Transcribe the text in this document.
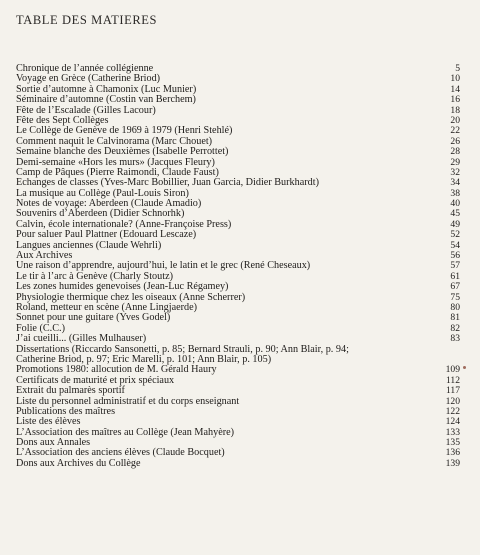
TABLE DES MATIERES
Chronique de l’année collégienne	5
Voyage en Grèce (Catherine Briod)	10
Sortie d’automne à Chamonix (Luc Munier)	14
Séminaire d’automne (Costin van Berchem)	16
Fête de l’Escalade (Gilles Lacour)	18
Fête des Sept Collèges	20
Le Collège de Genève de 1969 à 1979 (Henri Stehlé)	22
Comment naquit le Calvinorama (Marc Chouet)	26
Semaine blanche des Deuxièmes (Isabelle Perrottet)	28
Demi-semaine «Hors les murs» (Jacques Fleury)	29
Camp de Pâques (Pierre Raimondi, Claude Faust)	32
Echanges de classes (Yves-Marc Bobillier, Juan Garcia, Didier Burkhardt)	34
La musique au Collège (Paul-Louis Siron)	38
Notes de voyage: Aberdeen (Claude Amadio)	40
Souvenirs d’Aberdeen (Didier Schnorhk)	45
Calvin, école internationale? (Anne-Françoise Press)	49
Pour saluer Paul Plattner (Edouard Lescaze)	52
Langues anciennes (Claude Wehrli)	54
Aux Archives	56
Une raison d’apprendre, aujourd’hui, le latin et le grec (René Cheseaux)	57
Le tir à l’arc à Genève (Charly Stoutz)	61
Les zones humides genevoises (Jean-Luc Régamey)	67
Physiologie thermique chez les oiseaux (Anne Scherrer)	75
Roland, metteur en scène (Anne Lingjaerde)	80
Sonnet pour une guitare (Yves Godel)	81
Folie (C.C.)	82
J’ai cueilli... (Gilles Mulhauser)	83
Dissertations (Riccardo Sansonetti, p. 85; Bernard Strauli, p. 90; Ann Blair, p. 94;
Catherine Briod, p. 97; Eric Marelli, p. 101; Ann Blair, p. 105)
Promotions 1980: allocution de M. Gérald Haury	109
Certificats de maturité et prix spéciaux	112
Extrait du palmarès sportif	117
Liste du personnel administratif et du corps enseignant	120
Publications des maîtres	122
Liste des élèves	124
L’Association des maîtres au Collège (Jean Mahyère)	133
Dons aux Annales	135
L’Association des anciens élèves (Claude Bocquet)	136
Dons aux Archives du Collège	139
